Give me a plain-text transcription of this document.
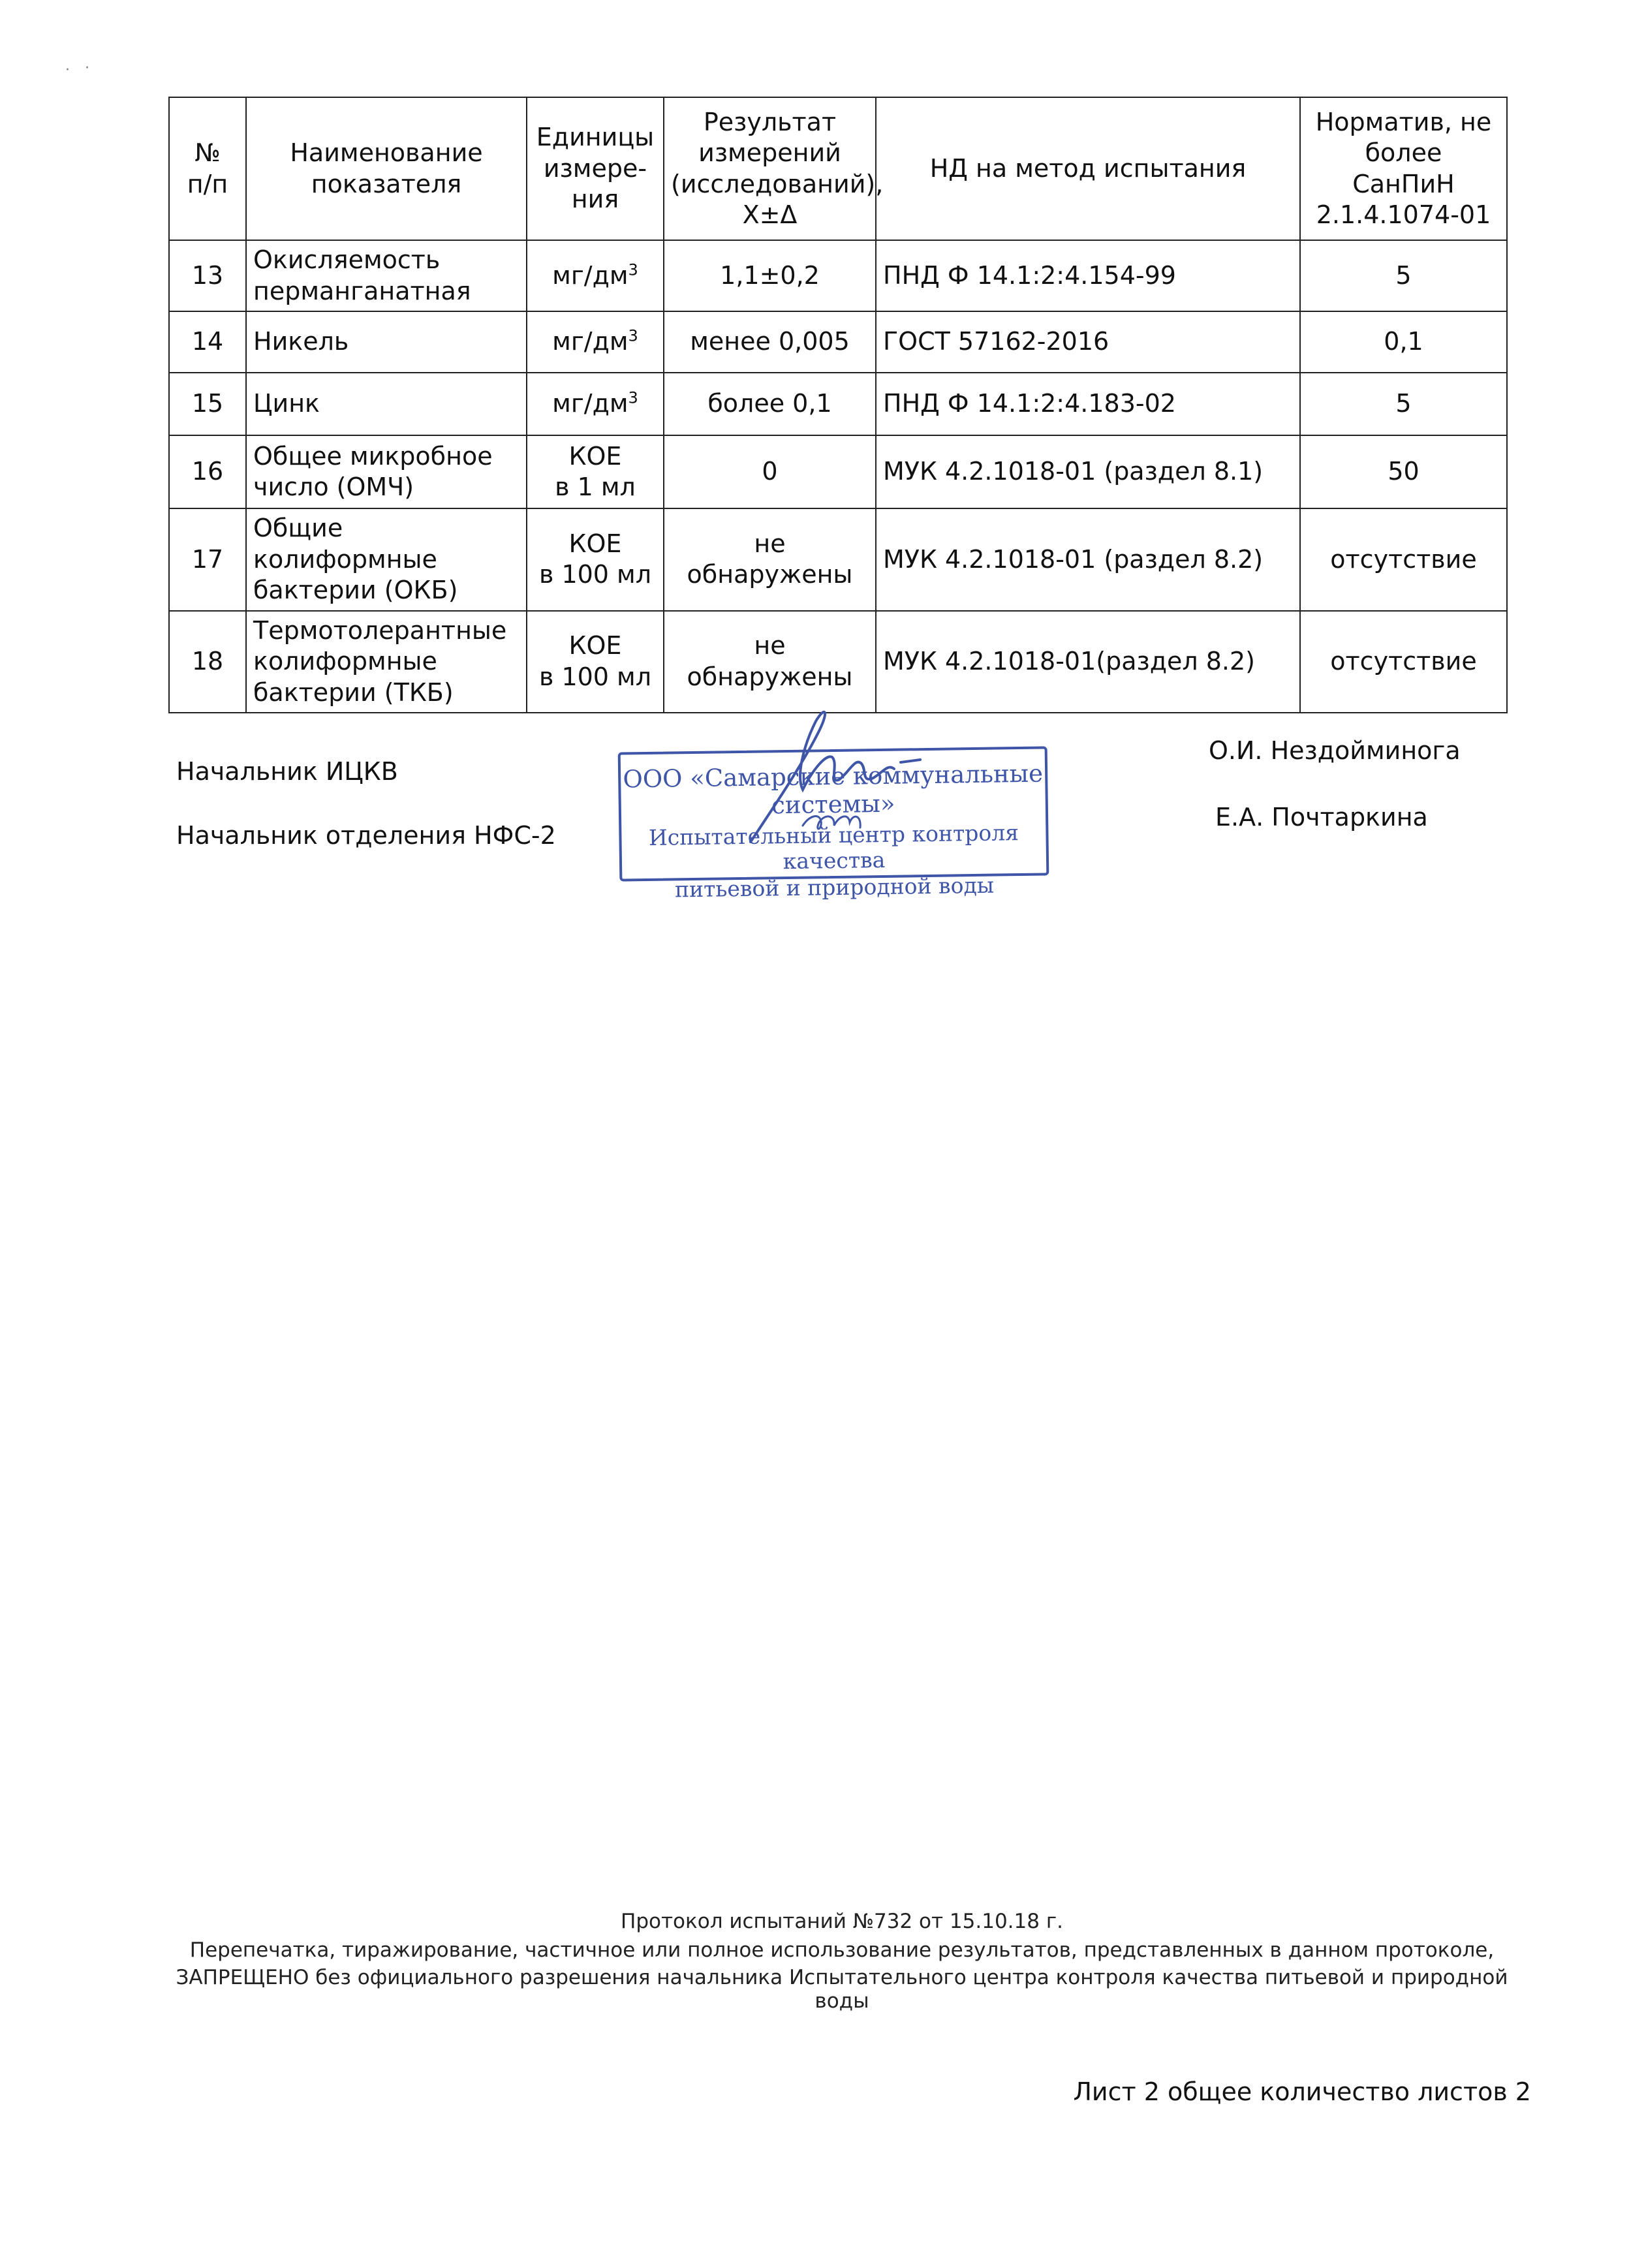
· ·
№
п/п	Наименование
показателя	Единицы
измере-
ния	Результат
измерений
(исследований),
X±Δ	НД на метод испытания	Норматив, не
более
СанПиН
2.1.4.1074-01
13	Окисляемость
перманганатная	$мг/дм^3$	1,1±0,2	ПНД Ф 14.1:2:4.154-99	5
14	Никель	$мг/дм^3$	менее 0,005	ГОСТ 57162-2016	0,1
15	Цинк	$мг/дм^3$	более 0,1	ПНД Ф 14.1:2:4.183-02	5
16	Общее микробное
число (ОМЧ)	КОЕ
в 1 мл	0	МУК 4.2.1018-01 (раздел 8.1)	50
17	Общие
колиформные
бактерии (ОКБ)	КОЕ
в 100 мл	не обнаружены	МУК 4.2.1018-01 (раздел 8.2)	отсутствие
18	Термотолерантные
колиформные
бактерии (ТКБ)	КОЕ
в 100 мл	не обнаружены	МУК 4.2.1018-01(раздел 8.2)	отсутствие
Начальник ИЦКВ
О.И. Нездойминога
Начальник отделения НФС-2
Е.А. Почтаркина
ООО «Самарские коммунальные системы»
Испытательный центр контроля качества
питьевой и природной воды
Протокол испытаний №732 от 15.10.18 г.
Перепечатка, тиражирование, частичное или полное использование результатов, представленных в данном протоколе,
ЗАПРЕЩЕНО без официального разрешения начальника Испытательного центра контроля качества питьевой и природной воды
Лист 2 общее количество листов 2
